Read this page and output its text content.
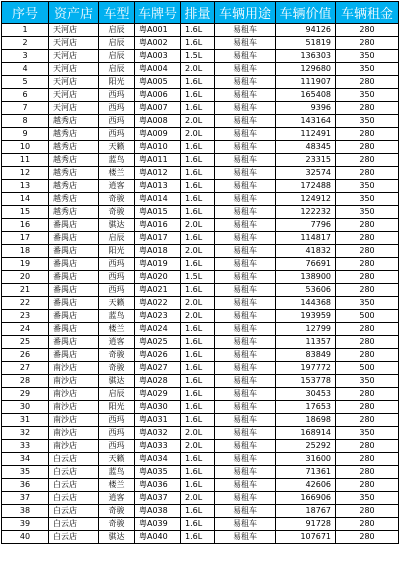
序号	资产店	车型	车牌号	排量	车辆用途	车辆价值	车辆租金
1	天河店	启辰	粤A001	1.6L	易租车	94126	280
2	天河店	启辰	粤A002	1.6L	易租车	51819	280
3	天河店	启辰	粤A003	1.5L	易租车	136303	350
4	天河店	启辰	粤A004	2.0L	易租车	129680	350
5	天河店	阳光	粤A005	1.6L	易租车	111907	280
6	天河店	西玛	粤A006	1.6L	易租车	165408	350
7	天河店	西玛	粤A007	1.6L	易租车	9396	280
8	越秀店	西玛	粤A008	2.0L	易租车	143164	350
9	越秀店	西玛	粤A009	2.0L	易租车	112491	280
10	越秀店	天籁	粤A010	1.6L	易租车	48345	280
11	越秀店	蓝鸟	粤A011	1.6L	易租车	23315	280
12	越秀店	楼兰	粤A012	1.6L	易租车	32574	280
13	越秀店	逍客	粤A013	1.6L	易租车	172488	350
14	越秀店	奇骏	粤A014	1.6L	易租车	124912	350
15	越秀店	奇骏	粤A015	1.6L	易租车	122232	350
16	番禺店	骐达	粤A016	2.0L	易租车	7796	280
17	番禺店	启辰	粤A017	1.6L	易租车	114817	280
18	番禺店	阳光	粤A018	2.0L	易租车	41832	280
19	番禺店	西玛	粤A019	1.6L	易租车	76691	280
20	番禺店	西玛	粤A020	1.5L	易租车	138900	280
21	番禺店	西玛	粤A021	1.6L	易租车	53606	280
22	番禺店	天籁	粤A022	2.0L	易租车	144368	350
23	番禺店	蓝鸟	粤A023	2.0L	易租车	193959	500
24	番禺店	楼兰	粤A024	1.6L	易租车	12799	280
25	番禺店	逍客	粤A025	1.6L	易租车	11357	280
26	番禺店	奇骏	粤A026	1.6L	易租车	83849	280
27	南沙店	奇骏	粤A027	1.6L	易租车	197772	500
28	南沙店	骐达	粤A028	1.6L	易租车	153778	350
29	南沙店	启辰	粤A029	1.6L	易租车	30453	280
30	南沙店	阳光	粤A030	1.6L	易租车	17653	280
31	南沙店	西玛	粤A031	1.6L	易租车	18698	280
32	南沙店	西玛	粤A032	2.0L	易租车	168914	350
33	南沙店	西玛	粤A033	2.0L	易租车	25292	280
34	白云店	天籁	粤A034	1.6L	易租车	31600	280
35	白云店	蓝鸟	粤A035	1.6L	易租车	71361	280
36	白云店	楼兰	粤A036	1.6L	易租车	42606	280
37	白云店	逍客	粤A037	2.0L	易租车	166906	350
38	白云店	奇骏	粤A038	1.6L	易租车	18767	280
39	白云店	奇骏	粤A039	1.6L	易租车	91728	280
40	白云店	骐达	粤A040	1.6L	易租车	107671	280
